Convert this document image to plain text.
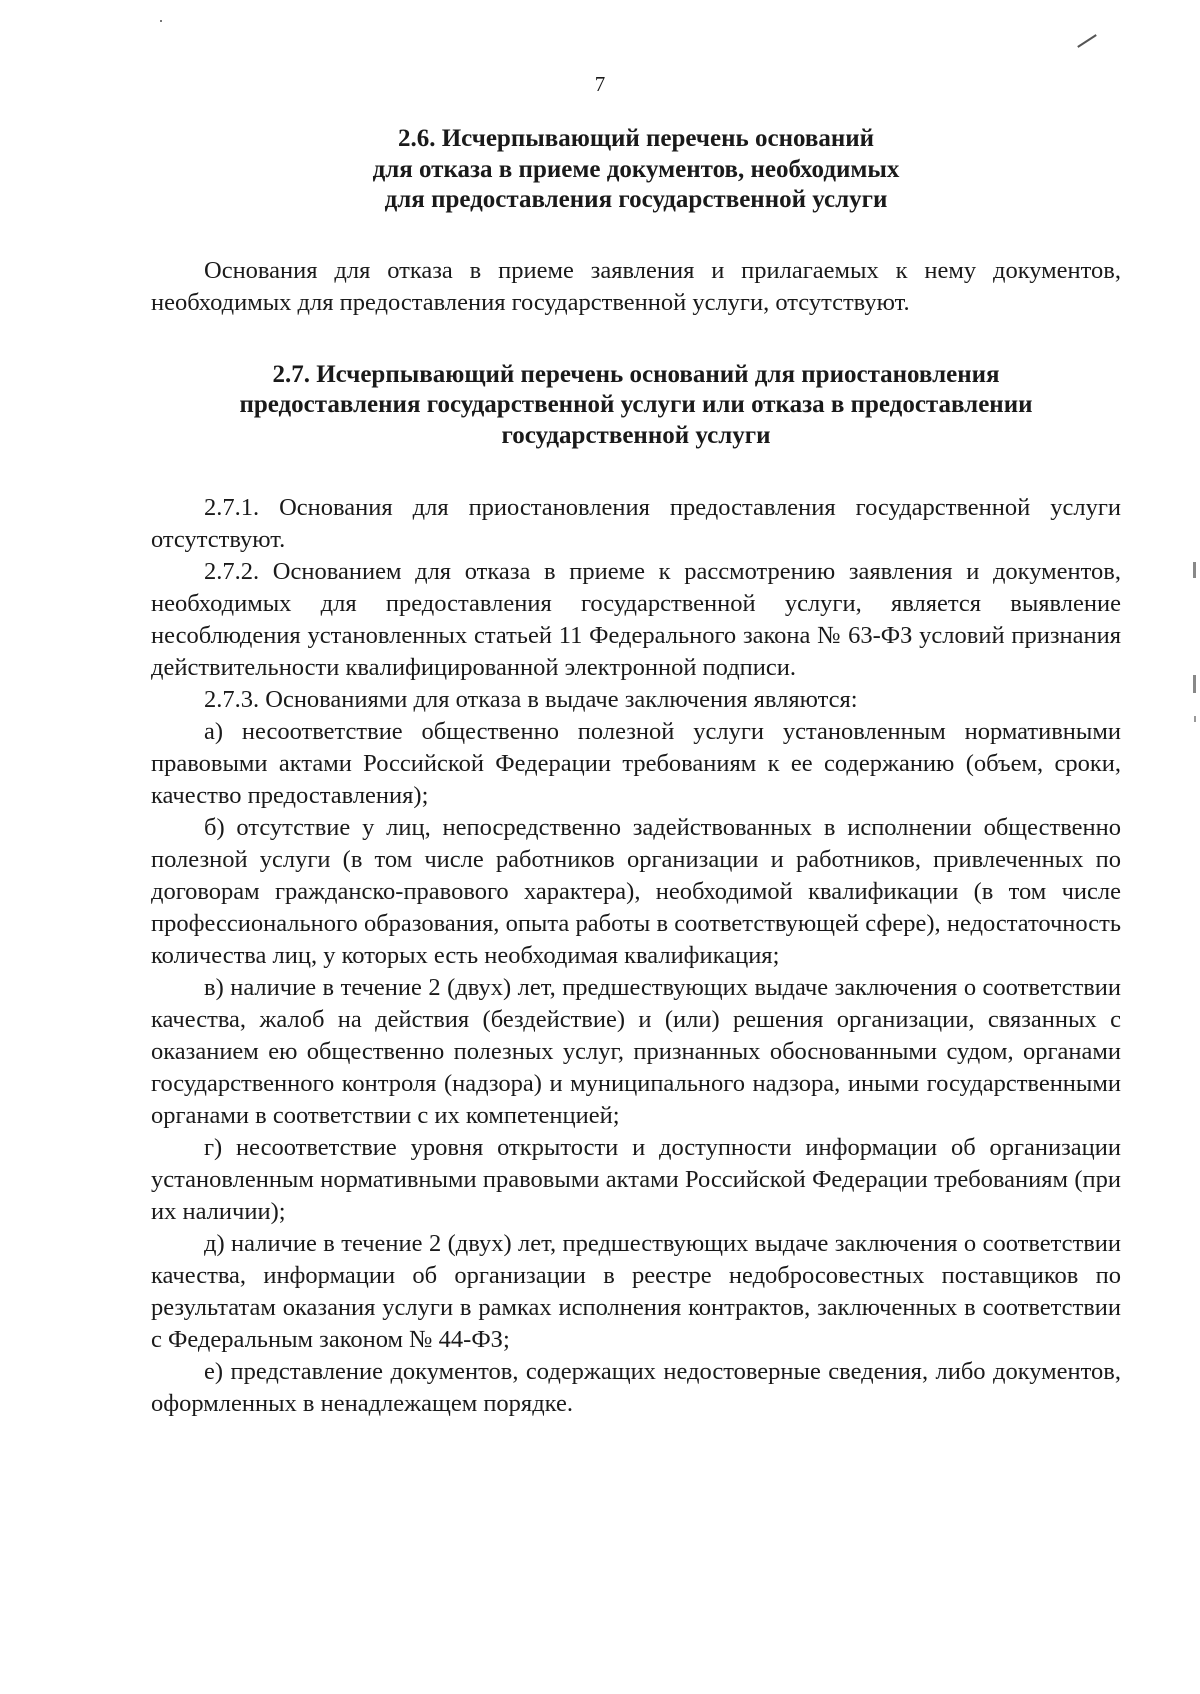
7
2.6. Исчерпывающий перечень оснований
для отказа в приеме документов, необходимых
для предоставления государственной услуги

Основания для отказа в приеме заявления и прилагаемых к нему документов, необходимых для предоставления государственной услуги, отсутствуют.

2.7. Исчерпывающий перечень оснований для приостановления
предоставления государственной услуги или отказа в предоставлении
государственной услуги

2.7.1. Основания для приостановления предоставления государственной услуги отсутствуют.

2.7.2. Основанием для отказа в приеме к рассмотрению заявления и документов, необходимых для предоставления государственной услуги, является выявление несоблюдения установленных статьей 11 Федерального закона № 63-ФЗ условий признания действительности квалифицированной электронной подписи.

2.7.3. Основаниями для отказа в выдаче заключения являются:

а) несоответствие общественно полезной услуги установленным нормативными правовыми актами Российской Федерации требованиям к ее содержанию (объем, сроки, качество предоставления);

б) отсутствие у лиц, непосредственно задействованных в исполнении общественно полезной услуги (в том числе работников организации и работников, привлеченных по договорам гражданско-правового характера), необходимой квалификации (в том числе профессионального образования, опыта работы в соответствующей сфере), недостаточность количества лиц, у которых есть необходимая квалификация;

в) наличие в течение 2 (двух) лет, предшествующих выдаче заключения о соответствии качества, жалоб на действия (бездействие) и (или) решения организации, связанных с оказанием ею общественно полезных услуг, признанных обоснованными судом, органами государственного контроля (надзора) и муниципального надзора, иными государственными органами в соответствии с их компетенцией;

г) несоответствие уровня открытости и доступности информации об организации установленным нормативными правовыми актами Российской Федерации требованиям (при их наличии);

д) наличие в течение 2 (двух) лет, предшествующих выдаче заключения о соответствии качества, информации об организации в реестре недобросовестных поставщиков по результатам оказания услуги в рамках исполнения контрактов, заключенных в соответствии с Федеральным законом № 44-ФЗ;

е) представление документов, содержащих недостоверные сведения, либо документов, оформленных в ненадлежащем порядке.
